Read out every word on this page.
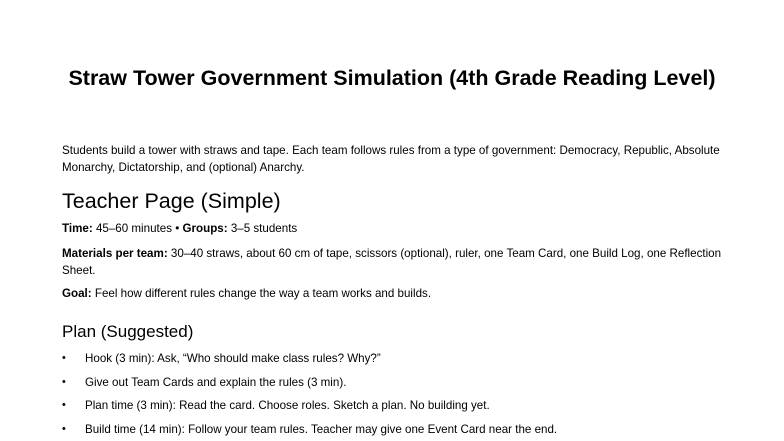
Straw Tower Government Simulation (4th Grade Reading Level)

Students build a tower with straws and tape. Each team follows rules from a type of government: Democracy, Republic, Absolute Monarchy, Dictatorship, and (optional) Anarchy.

Teacher Page (Simple)

Time: 45–60 minutes • Groups: 3–5 students

Materials per team: 30–40 straws, about 60 cm of tape, scissors (optional), ruler, one Team Card, one Build Log, one Reflection Sheet.

Goal: Feel how different rules change the way a team works and builds.

Plan (Suggested)
•	Hook (3 min): Ask, “Who should make class rules? Why?”
•	Give out Team Cards and explain the rules (3 min).
•	Plan time (3 min): Read the card. Choose roles. Sketch a plan. No building yet.
•	Build time (14 min): Follow your team rules. Teacher may give one Event Card near the end.
